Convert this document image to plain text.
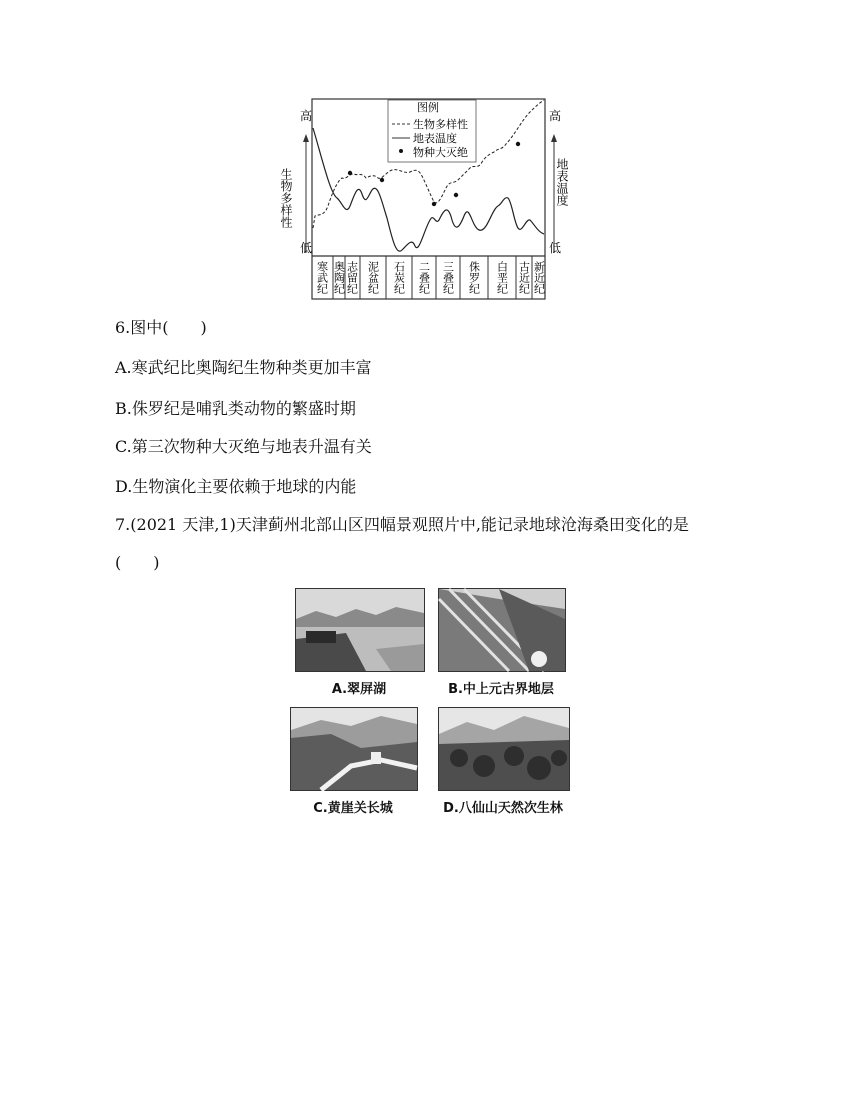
高
低
生物多样性
高
低
地表温度
图例
生物多样性
地表温度
物种大灭绝
寒武纪 奥陶纪 志留纪 泥盆纪 石炭纪 二叠纪 三叠纪 侏罗纪 白垩纪 古近纪 新近纪
6.图中(　　)
A.寒武纪比奥陶纪生物种类更加丰富
B.侏罗纪是哺乳类动物的繁盛时期
C.第三次物种大灭绝与地表升温有关
D.生物演化主要依赖于地球的内能
7.(2021 天津,1)天津蓟州北部山区四幅景观照片中,能记录地球沧海桑田变化的是
(　　)
A.翠屏湖	B.中上元古界地层
C.黄崖关长城	D.八仙山天然次生林
